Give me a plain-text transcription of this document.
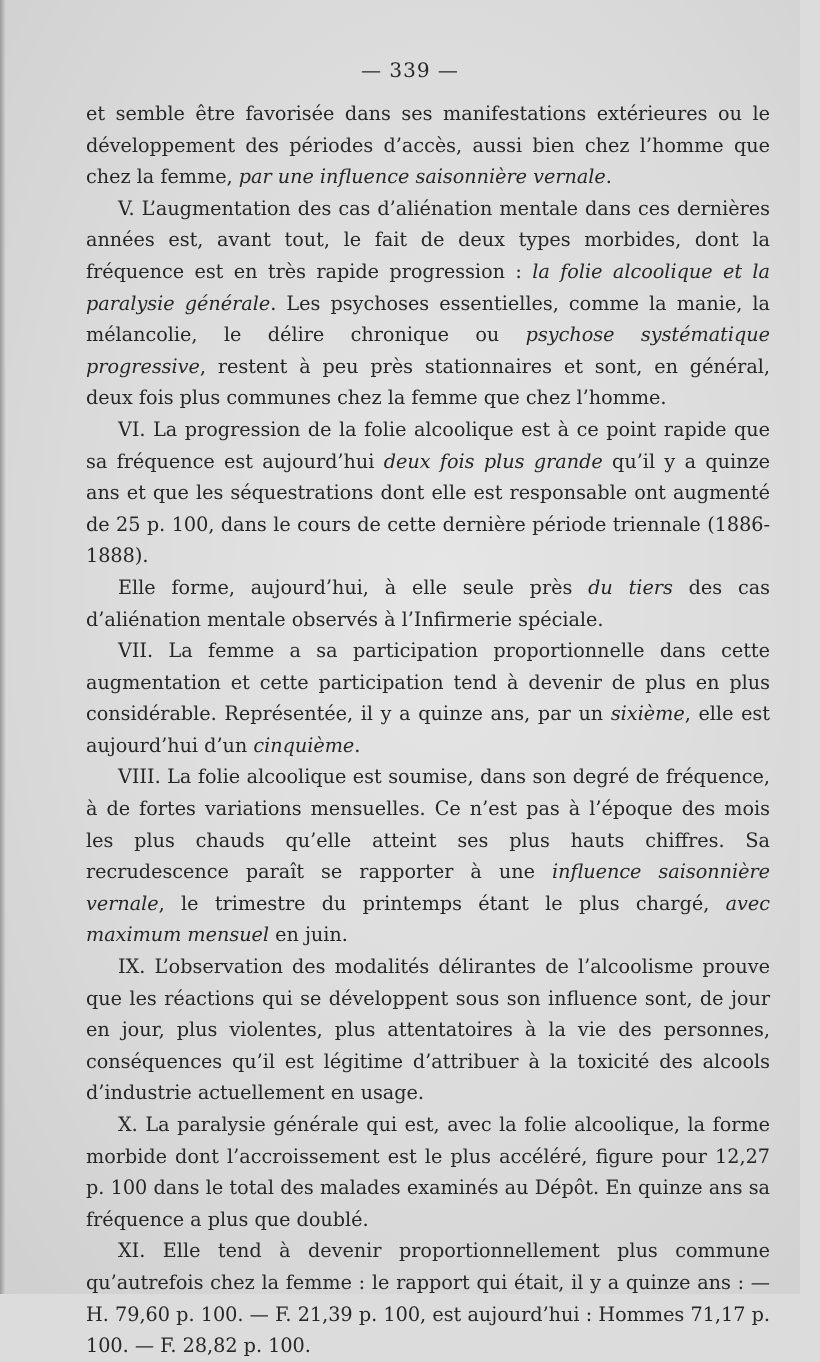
— 339 —

et semble être favorisée dans ses manifestations extérieures ou le développement des périodes d’accès, aussi bien chez l’homme que chez la femme, par une influence saisonnière vernale.

V. L’augmentation des cas d’aliénation mentale dans ces dernières années est, avant tout, le fait de deux types morbides, dont la fréquence est en très rapide progression : la folie alcoolique et la paralysie générale. Les psychoses essentielles, comme la manie, la mélancolie, le délire chronique ou psychose systématique progressive, restent à peu près stationnaires et sont, en général, deux fois plus communes chez la femme que chez l’homme.

VI. La progression de la folie alcoolique est à ce point rapide que sa fréquence est aujourd’hui deux fois plus grande qu’il y a quinze ans et que les séquestrations dont elle est responsable ont augmenté de 25 p. 100, dans le cours de cette dernière période triennale (1886-1888).

Elle forme, aujourd’hui, à elle seule près du tiers des cas d’aliénation mentale observés à l’Infirmerie spéciale.

VII. La femme a sa participation proportionnelle dans cette augmentation et cette participation tend à devenir de plus en plus considérable. Représentée, il y a quinze ans, par un sixième, elle est aujourd’hui d’un cinquième.

VIII. La folie alcoolique est soumise, dans son degré de fréquence, à de fortes variations mensuelles. Ce n’est pas à l’époque des mois les plus chauds qu’elle atteint ses plus hauts chiffres. Sa recrudescence paraît se rapporter à une influence saisonnière vernale, le trimestre du printemps étant le plus chargé, avec maximum mensuel en juin.

IX. L’observation des modalités délirantes de l’alcoolisme prouve que les réactions qui se développent sous son influence sont, de jour en jour, plus violentes, plus attentatoires à la vie des personnes, conséquences qu’il est légitime d’attribuer à la toxicité des alcools d’industrie actuellement en usage.

X. La paralysie générale qui est, avec la folie alcoolique, la forme morbide dont l’accroissement est le plus accéléré, figure pour 12,27 p. 100 dans le total des malades examinés au Dépôt. En quinze ans sa fréquence a plus que doublé.

XI. Elle tend à devenir proportionnellement plus commune qu’autrefois chez la femme : le rapport qui était, il y a quinze ans : — H. 79,60 p. 100. — F. 21,39 p. 100, est aujourd’hui : Hommes 71,17 p. 100. — F. 28,82 p. 100.
